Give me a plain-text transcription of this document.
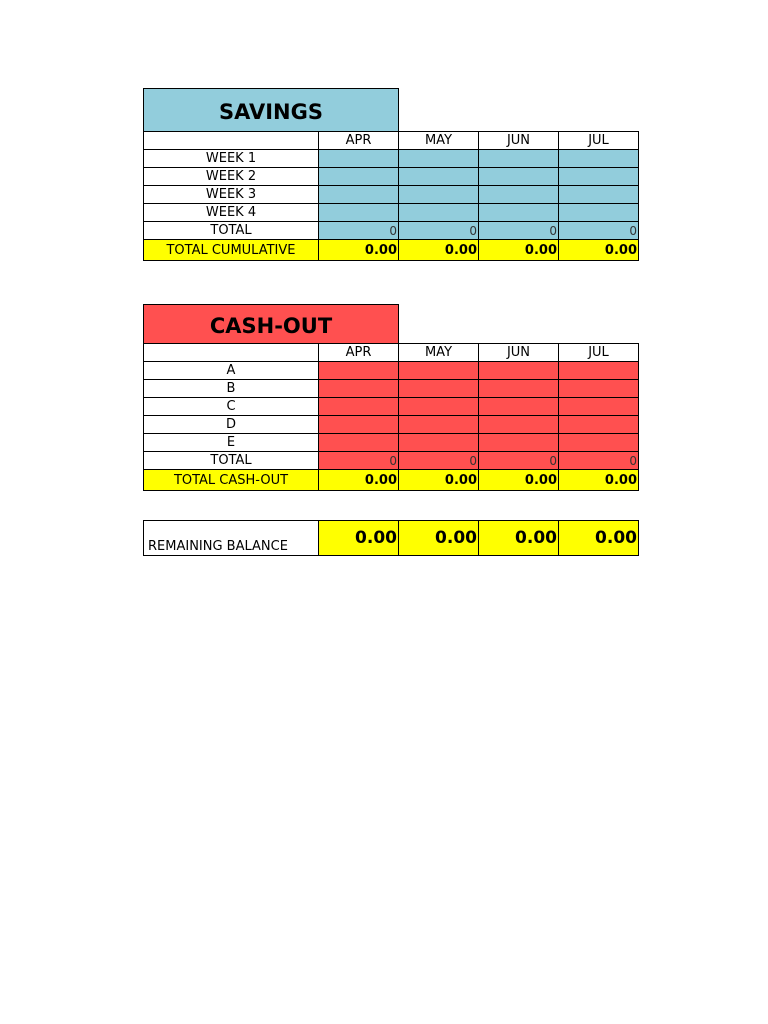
SAVINGS				
	APR	MAY	JUN	JUL
WEEK 1				
WEEK 2				
WEEK 3				
WEEK 4				
TOTAL	0	0	0	0
TOTAL CUMULATIVE	0.00	0.00	0.00	0.00
CASH-OUT				
	APR	MAY	JUN	JUL
A				
B				
C				
D				
E				
TOTAL	0	0	0	0
TOTAL CASH-OUT	0.00	0.00	0.00	0.00
REMAINING BALANCE	0.00	0.00	0.00	0.00
